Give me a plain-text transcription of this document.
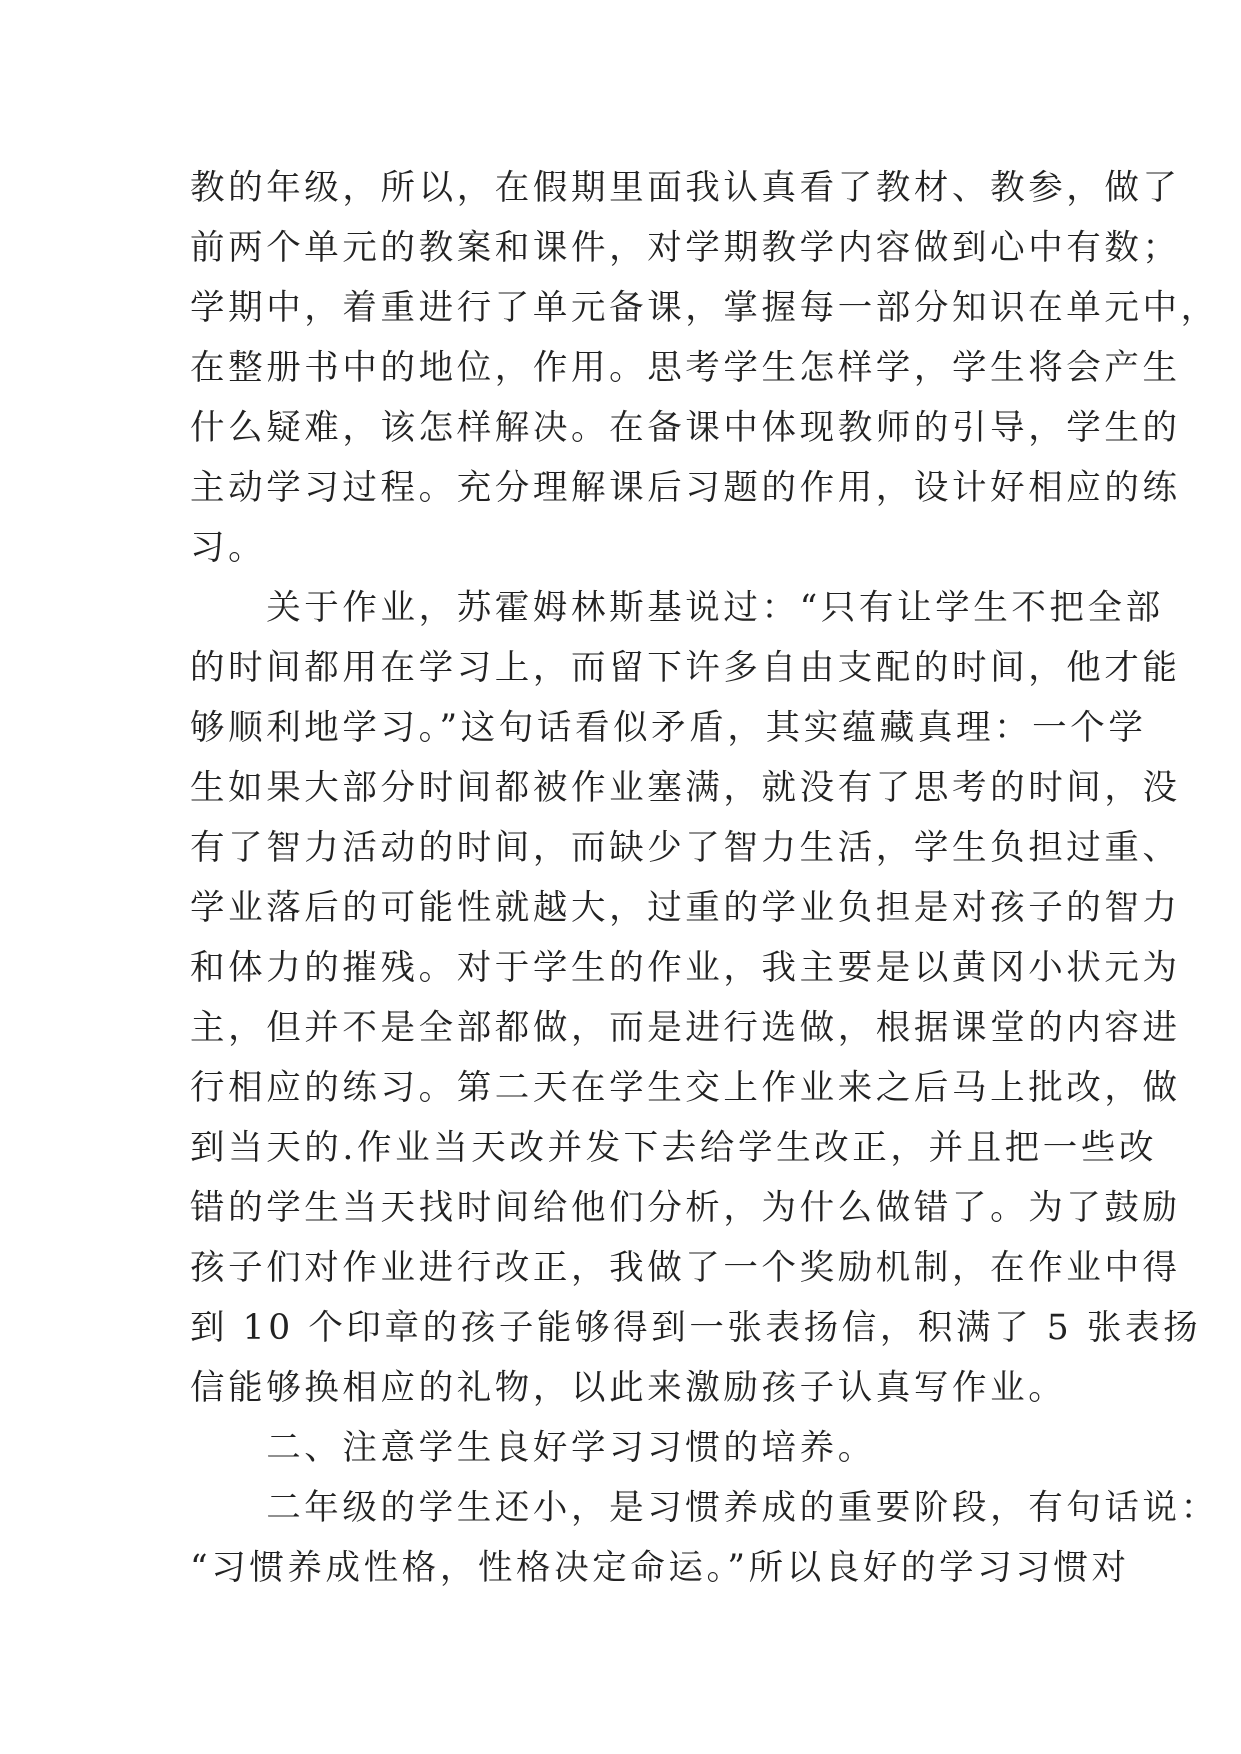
教的年级，所以，在假期里面我认真看了教材、教参，做了
前两个单元的教案和课件，对学期教学内容做到心中有数；
学期中，着重进行了单元备课，掌握每一部分知识在单元中，
在整册书中的地位，作用。思考学生怎样学，学生将会产生
什么疑难，该怎样解决。在备课中体现教师的引导，学生的
主动学习过程。充分理解课后习题的作用，设计好相应的练
习。
　　关于作业，苏霍姆林斯基说过：“只有让学生不把全部
的时间都用在学习上，而留下许多自由支配的时间，他才能
够顺利地学习。”这句话看似矛盾，其实蕴藏真理：一个学
生如果大部分时间都被作业塞满，就没有了思考的时间，没
有了智力活动的时间，而缺少了智力生活，学生负担过重、
学业落后的可能性就越大，过重的学业负担是对孩子的智力
和体力的摧残。对于学生的作业，我主要是以黄冈小状元为
主，但并不是全部都做，而是进行选做，根据课堂的内容进
行相应的练习。第二天在学生交上作业来之后马上批改，做
到当天的.作业当天改并发下去给学生改正，并且把一些改
错的学生当天找时间给他们分析，为什么做错了。为了鼓励
孩子们对作业进行改正，我做了一个奖励机制，在作业中得
到 10 个印章的孩子能够得到一张表扬信，积满了 5 张表扬
信能够换相应的礼物，以此来激励孩子认真写作业。
　　二、注意学生良好学习习惯的培养。
　　二年级的学生还小，是习惯养成的重要阶段，有句话说：
“习惯养成性格，性格决定命运。”所以良好的学习习惯对
